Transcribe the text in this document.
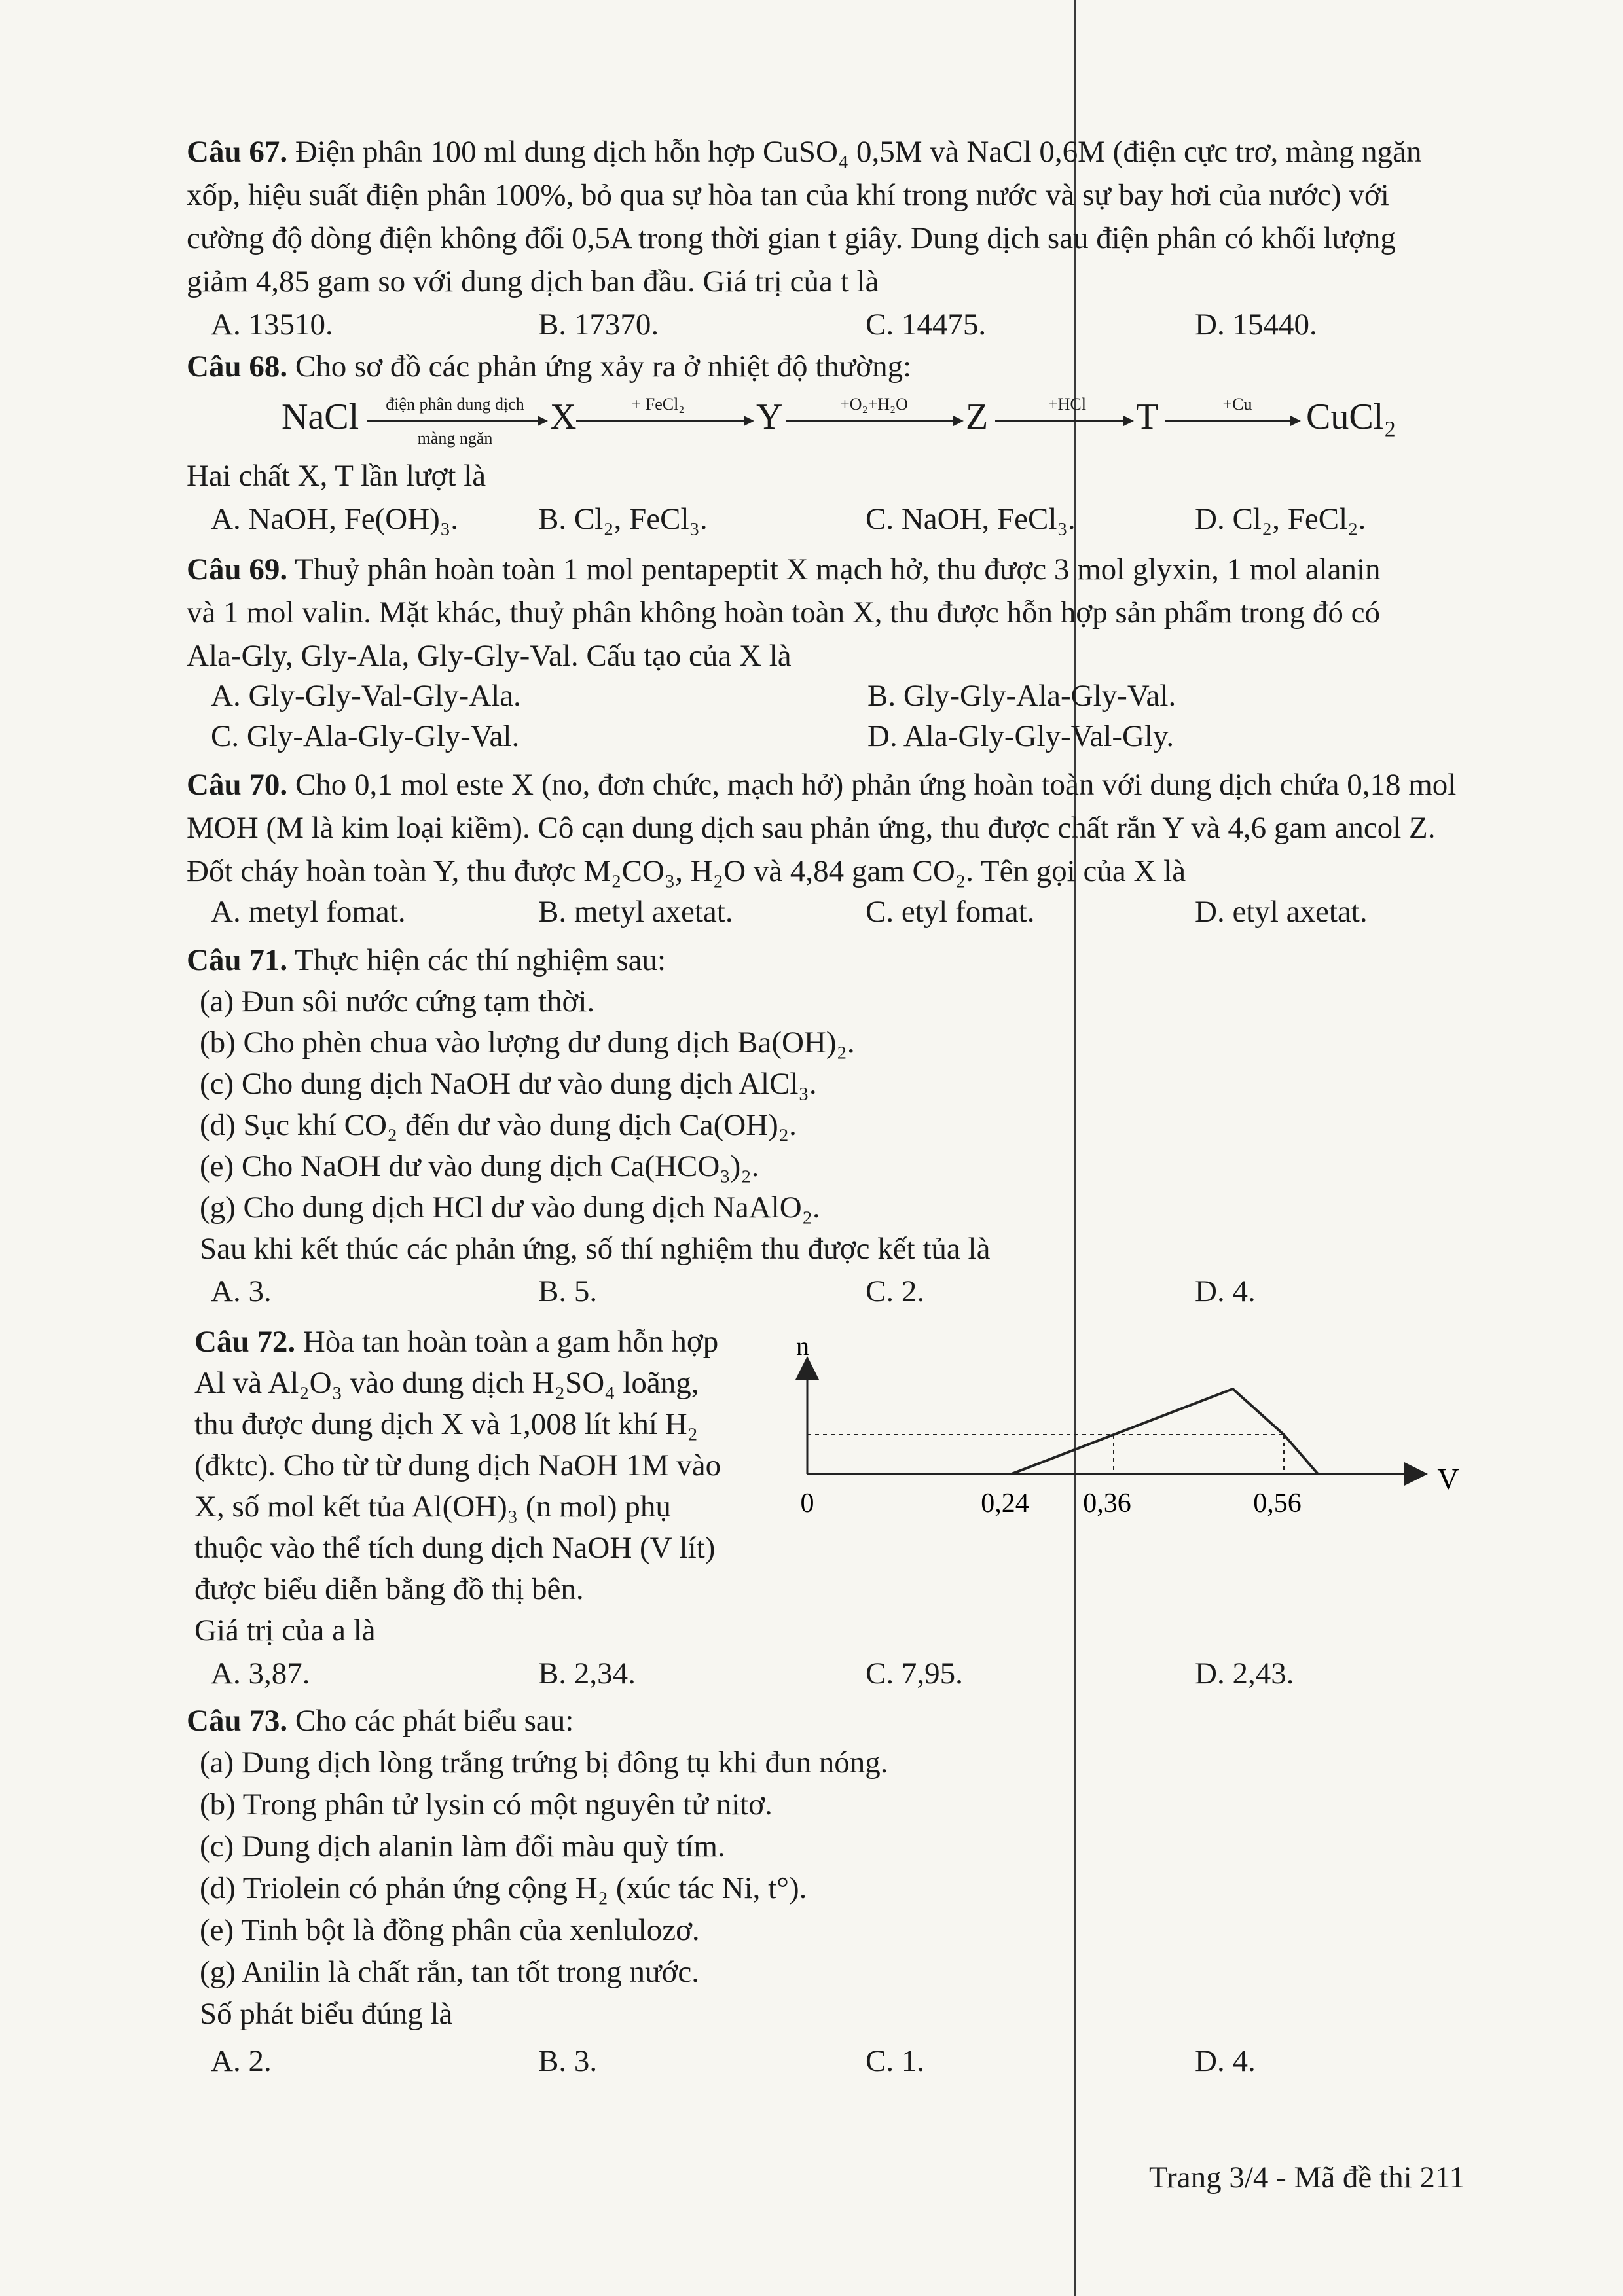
Câu 67. Điện phân 100 ml dung dịch hỗn hợp CuSO₄ 0,5M và NaCl 0,6M (điện cực trơ, màng ngăn
xốp, hiệu suất điện phân 100%, bỏ qua sự hòa tan của khí trong nước và sự bay hơi của nước) với
cường độ dòng điện không đổi 0,5A trong thời gian t giây. Dung dịch sau điện phân có khối lượng
giảm 4,85 gam so với dung dịch ban đầu. Giá trị của t là
A. 13510.	B. 17370.	C. 14475.	D. 15440.
Câu 68. Cho sơ đồ các phản ứng xảy ra ở nhiệt độ thường:
NaCl	điện phân dung dịch
màng ngăn
X	+ FeCl₂	Y	+O₂+H₂O	Z	+HCl	T	+Cu	CuCl₂
Hai chất X, T lần lượt là
A. NaOH, Fe(OH)₃.	B. Cl₂, FeCl₃.	C. NaOH, FeCl₃.	D. Cl₂, FeCl₂.
Câu 69. Thuỷ phân hoàn toàn 1 mol pentapeptit X mạch hở, thu được 3 mol glyxin, 1 mol alanin
và 1 mol valin. Mặt khác, thuỷ phân không hoàn toàn X, thu được hỗn hợp sản phẩm trong đó có
Ala-Gly, Gly-Ala, Gly-Gly-Val. Cấu tạo của X là
A. Gly-Gly-Val-Gly-Ala.	B. Gly-Gly-Ala-Gly-Val.
C. Gly-Ala-Gly-Gly-Val.	D. Ala-Gly-Gly-Val-Gly.
Câu 70. Cho 0,1 mol este X (no, đơn chức, mạch hở) phản ứng hoàn toàn với dung dịch chứa 0,18 mol
MOH (M là kim loại kiềm). Cô cạn dung dịch sau phản ứng, thu được chất rắn Y và 4,6 gam ancol Z.
Đốt cháy hoàn toàn Y, thu được M₂CO₃, H₂O và 4,84 gam CO₂. Tên gọi của X là
A. metyl fomat.	B. metyl axetat.	C. etyl fomat.	D. etyl axetat.
Câu 71. Thực hiện các thí nghiệm sau:
(a) Đun sôi nước cứng tạm thời.
(b) Cho phèn chua vào lượng dư dung dịch Ba(OH)₂.
(c) Cho dung dịch NaOH dư vào dung dịch AlCl₃.
(d) Sục khí CO₂ đến dư vào dung dịch Ca(OH)₂.
(e) Cho NaOH dư vào dung dịch Ca(HCO₃)₂.
(g) Cho dung dịch HCl dư vào dung dịch NaAlO₂.
Sau khi kết thúc các phản ứng, số thí nghiệm thu được kết tủa là
A. 3.	B. 5.	C. 2.	D. 4.
Câu 72. Hòa tan hoàn toàn a gam hỗn hợp
Al và Al₂O₃ vào dung dịch H₂SO₄ loãng,
thu được dung dịch X và 1,008 lít khí H₂
(đktc). Cho từ từ dung dịch NaOH 1M vào
X, số mol kết tủa Al(OH)₃ (n mol) phụ
thuộc vào thể tích dung dịch NaOH (V lít)
được biểu diễn bằng đồ thị bên.
Giá trị của a là
n
V
0	0,24 0,36	0,56
A. 3,87.	B. 2,34.	C. 7,95.	D. 2,43.
Câu 73. Cho các phát biểu sau:
(a) Dung dịch lòng trắng trứng bị đông tụ khi đun nóng.
(b) Trong phân tử lysin có một nguyên tử nitơ.
(c) Dung dịch alanin làm đổi màu quỳ tím.
(d) Triolein có phản ứng cộng H₂ (xúc tác Ni, t°).
(e) Tinh bột là đồng phân của xenlulozơ.
(g) Anilin là chất rắn, tan tốt trong nước.
Số phát biểu đúng là
A. 2.	B. 3.	C. 1.	D. 4.
Trang 3/4 - Mã đề thi 211
